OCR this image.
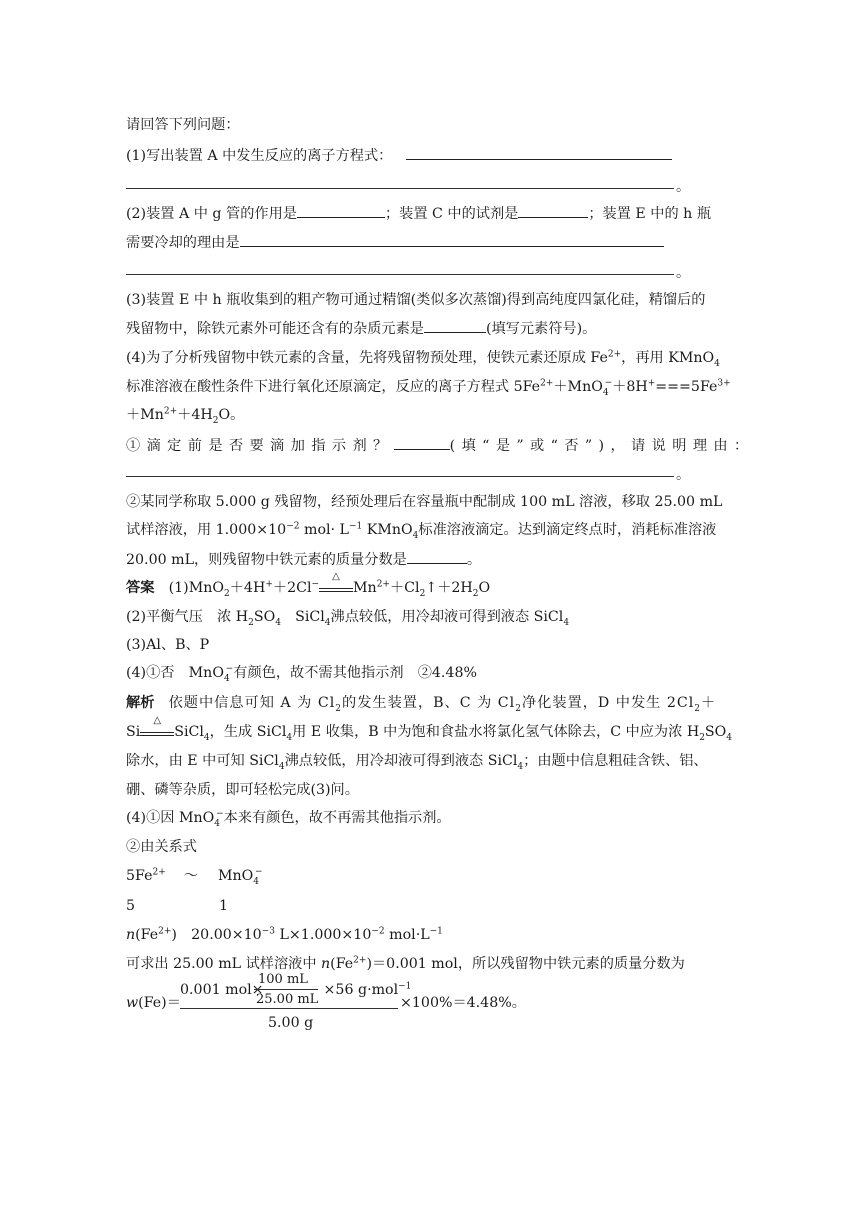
请回答下列问题：
(1)写出装置 A 中发生反应的离子方程式：
。
(2)装置 A 中 g 管的作用是	；装置 C 中的试剂是	；装置 E 中的 h 瓶
需要冷却的理由是
。
(3)装置 E 中 h 瓶收集到的粗产物可通过精馏(类似多次蒸馏)得到高纯度四氯化硅，精馏后的
残留物中，除铁元素外可能还含有的杂质元素是	(填写元素符号)。
(4)为了分析残留物中铁元素的含量，先将残留物预处理，使铁元素还原成 $Fe^{2+}$，再用 KMnO$_4$
标准溶液在酸性条件下进行氧化还原滴定，反应的离子方程式 $5Fe^{2+}+MnO_4^-+8H^+===5Fe^{3+}$
$+Mn^{2+}+4H_2O$。
①滴定前是否要滴加指示剂？	(填“是”或“否”)，请说明理由：
。
②某同学称取 5.000 g 残留物，经预处理后在容量瓶中配制成 100 mL 溶液，移取 25.00 mL
试样溶液，用 $1.000\times 10^{-2}$ $mol\cdot L^{-1}$ KMnO$_4$标准溶液滴定。达到滴定终点时，消耗标准溶液
20.00 mL，则残留物中铁元素的质量分数是	。
答案　 (1)MnO$_2$＋4H+＋2Cl−
△
$Mn^{2+}+Cl_2↑+2H_2O$
(2)平衡气压　浓 $H_2SO_4$　SiCl$_4$沸点较低，用冷却液可得到液态 SiCl$_4$
(3)Al、B、P
(4)①否　MnO$_4$−有颜色，故不需其他指示剂　②4.48%
解析　 依题中信息可知 A 为 $Cl_2$的发生装置，B、C 为 $Cl_2$净化装置，D 中发生 $2Cl_2+$
Si
△
SiCl$_4$，生成 SiCl$_4$用 E 收集，B 中为饱和食盐水将氯化氢气体除去，C 中应为浓 $H_2SO_4$
除水，由 E 中可知 SiCl$_4$沸点较低，用冷却液可得到液态 SiCl$_4$；由题中信息粗硅含铁、铝、
硼、磷等杂质，即可轻松完成(3)问。
(4)①因 MnO$_4$−本来有颜色，故不再需其他指示剂。
②由关系式
$5Fe^{2+}$ ～ MnO$_4$−
5	1
$n(Fe^{2+})$　$20.00\times 10^{-3}$ $L\times 1.000\times 10^{-2}$ $mol\cdot L^{-1}$
可求出 25.00 mL 试样溶液中 $n(Fe^{2+})=0.001$ mol，所以残留物中铁元素的质量分数为
w(Fe)＝
0.001 mol×	×56 g·mol$^{-1}$
100 mL
25.00 mL
5.00 g
×100%＝4.48%。
